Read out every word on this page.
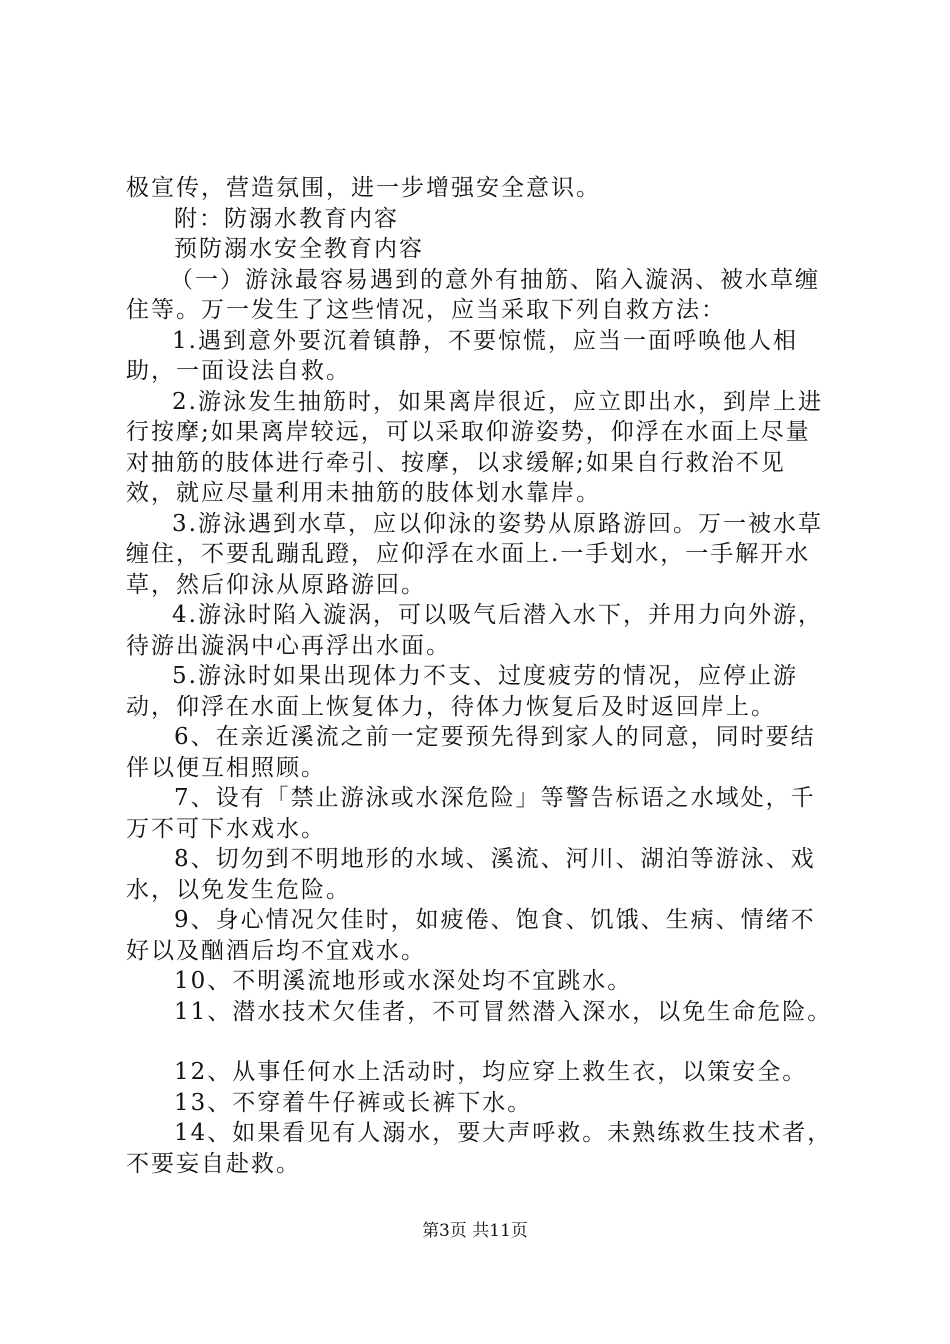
极宣传，营造氛围，进一步增强安全意识。

附：防溺水教育内容

预防溺水安全教育内容

（一）游泳最容易遇到的意外有抽筋、陷入漩涡、被水草缠住等。万一发生了这些情况，应当采取下列自救方法：

1.遇到意外要沉着镇静，不要惊慌，应当一面呼唤他人相助，一面设法自救。

2.游泳发生抽筋时，如果离岸很近，应立即出水，到岸上进行按摩;如果离岸较远，可以采取仰游姿势，仰浮在水面上尽量对抽筋的肢体进行牵引、按摩，以求缓解;如果自行救治不见效，就应尽量利用未抽筋的肢体划水靠岸。

3.游泳遇到水草，应以仰泳的姿势从原路游回。万一被水草缠住，不要乱蹦乱蹬，应仰浮在水面上.一手划水，一手解开水草，然后仰泳从原路游回。

4.游泳时陷入漩涡，可以吸气后潜入水下，并用力向外游，待游出漩涡中心再浮出水面。

5.游泳时如果出现体力不支、过度疲劳的情况，应停止游动，仰浮在水面上恢复体力，待体力恢复后及时返回岸上。

6、在亲近溪流之前一定要预先得到家人的同意，同时要结伴以便互相照顾。

7、设有「禁止游泳或水深危险」等警告标语之水域处，千万不可下水戏水。

8、切勿到不明地形的水域、溪流、河川、湖泊等游泳、戏水，以免发生危险。

9、身心情况欠佳时，如疲倦、饱食、饥饿、生病、情绪不好以及酗酒后均不宜戏水。

10、不明溪流地形或水深处均不宜跳水。

11、潜水技术欠佳者，不可冒然潜入深水，以免生命危险。

12、从事任何水上活动时，均应穿上救生衣，以策安全。

13、不穿着牛仔裤或长裤下水。

14、如果看见有人溺水，要大声呼救。未熟练救生技术者，不要妄自赴救。

第3页 共11页
